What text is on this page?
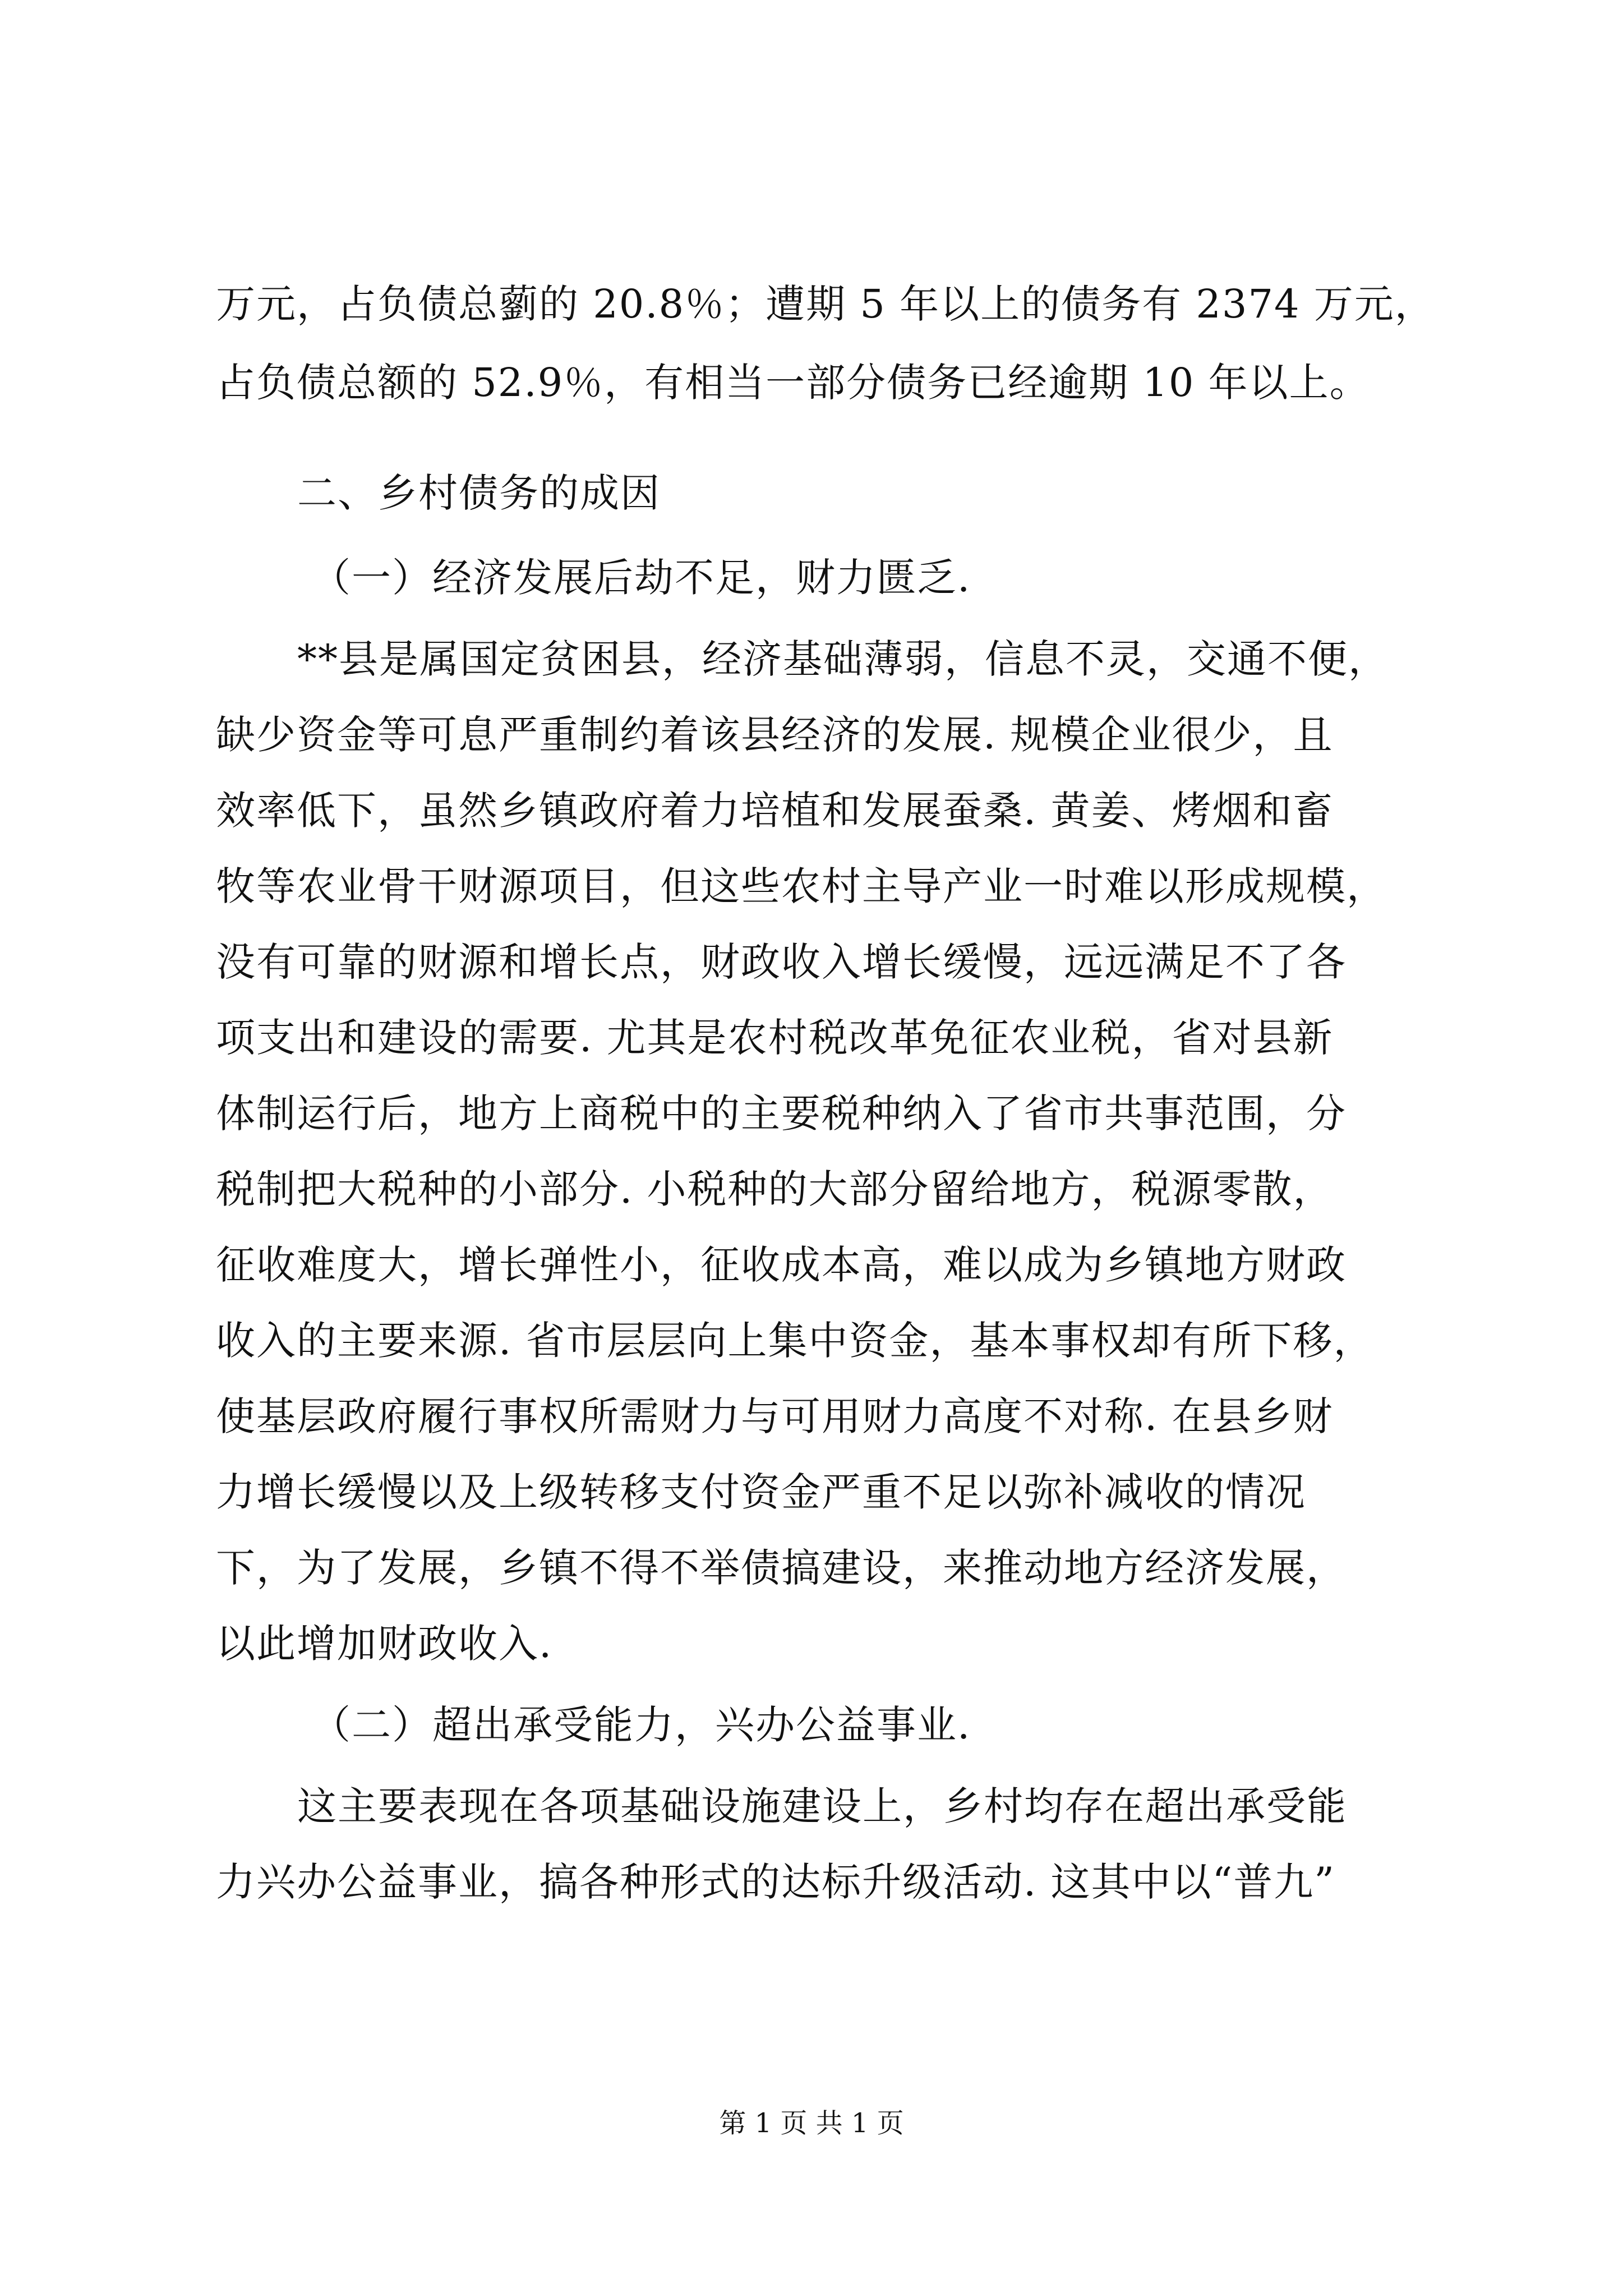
万元，占负债总藰的 20.8％；遭期 5 年以上的债务有 2374 万元，
占负债总额的 52.9％，有相当一部分债务已经逾期 10 年以上。
二、乡村债务的成因
（一）经济发展后劫不足，财力匮乏.
**县是属国定贫困县，经济基础薄弱，信息不灵，交通不便，
缺少资金等可息严重制约着该县经济的发展. 规模企业很少，且
效率低下，虽然乡镇政府着力培植和发展蚕桑. 黄姜、烤烟和畜
牧等农业骨干财源项目，但这些农村主导产业一时难以形成规模，
没有可靠的财源和增长点，财政收入增长缓慢，远远满足不了各
项支出和建设的需要. 尤其是农村税改革免征农业税，省对县新
体制运行后，地方上商税中的主要税种纳入了省市共事范围，分
税制把大税种的小部分. 小税种的大部分留给地方，税源零散，
征收难度大，增长弹性小，征收成本高，难以成为乡镇地方财政
收入的主要来源. 省市层层向上集中资金，基本事权却有所下移，
使基层政府履行事权所需财力与可用财力高度不对称. 在县乡财
力增长缓慢以及上级转移支付资金严重不足以弥补减收的情况
下，为了发展，乡镇不得不举债搞建设，来推动地方经济发展，
以此增加财政收入.
（二）超出承受能力，兴办公益事业.
这主要表现在各项基础设施建设上，乡村均存在超出承受能
力兴办公益事业，搞各种形式的达标升级活动. 这其中以“普九”
第 1 页 共 1 页
